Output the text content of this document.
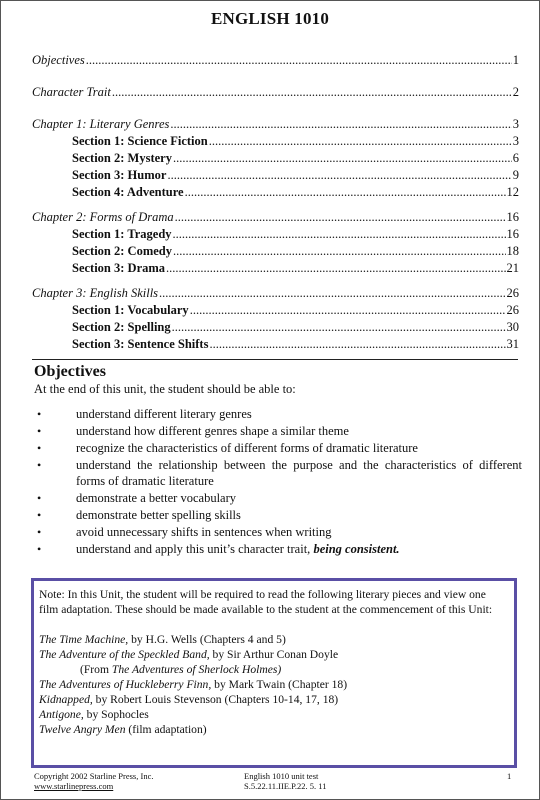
ENGLISH 1010
Objectives .....	1
Character Trait .....	2
Chapter 1: Literary Genres .....	3
Section 1: Science Fiction .....	3
Section 2: Mystery .....	6
Section 3: Humor .....	9
Section 4: Adventure .....	12
Chapter 2: Forms of Drama .....	16
Section 1: Tragedy .....	16
Section 2: Comedy .....	18
Section 3: Drama .....	21
Chapter 3: English Skills .....	26
Section 1: Vocabulary .....	26
Section 2: Spelling .....	30
Section 3: Sentence Shifts .....	31
Objectives
At the end of this unit, the student should be able to:
• understand different literary genres
• understand how different genres shape a similar theme
• recognize the characteristics of different forms of dramatic literature
• understand the relationship between the purpose and the characteristics of different forms of dramatic literature
• demonstrate a better vocabulary
• demonstrate better spelling skills
• avoid unnecessary shifts in sentences when writing
• understand and apply this unit’s character trait, being consistent.

Note: In this Unit, the student will be required to read the following literary pieces and view one film adaptation. These should be made available to the student at the commencement of this Unit:

The Time Machine, by H.G. Wells (Chapters 4 and 5)
The Adventure of the Speckled Band, by Sir Arthur Conan Doyle
(From The Adventures of Sherlock Holmes)
The Adventures of Huckleberry Finn, by Mark Twain (Chapter 18)
Kidnapped, by Robert Louis Stevenson (Chapters 10-14, 17, 18)
Antigone, by Sophocles
Twelve Angry Men (film adaptation)
Copyright 2002 Starline Press, Inc.
www.starlinepress.com
English 1010 unit test
S.5.22.11.IIE.P.22. 5. 11
1
